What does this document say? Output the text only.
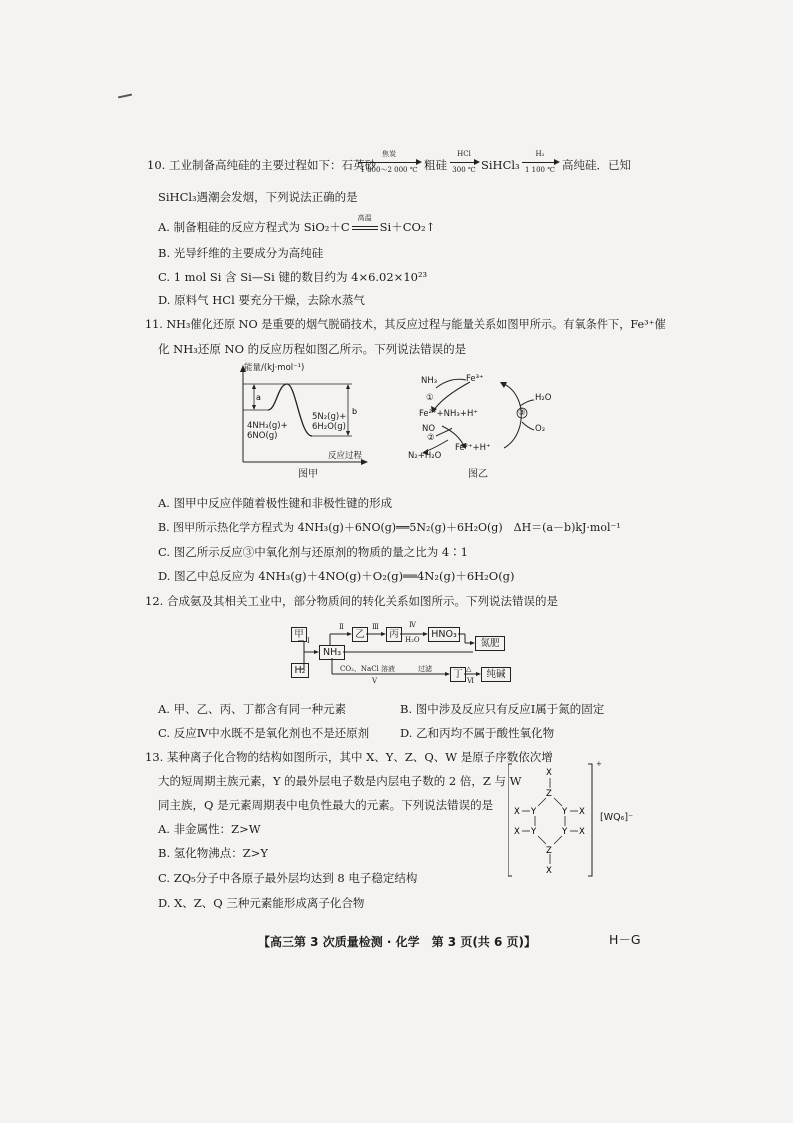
10. 工业制备高纯硅的主要过程如下：石英砂
焦炭
1 800～2 000 ℃ 粗硅
HCl
300 ℃ SiHCl₃
H₂
1 100 ℃ 高纯硅．已知
SiHCl₃遇潮会发烟，下列说法正确的是
A. 制备粗硅的反应方程式为 SiO₂＋C
高温
Si＋CO₂↑
B. 光导纤维的主要成分为高纯硅
C. 1 mol Si 含 Si—Si 键的数目约为 4×6.02×10²³
D. 原料气 HCl 要充分干燥，去除水蒸气
11. NH₃催化还原 NO 是重要的烟气脱硝技术，其反应过程与能量关系如图甲所示。有氧条件下，Fe³⁺催
化 NH₃还原 NO 的反应历程如图乙所示。下列说法错误的是
a
b
能量/(kJ·mol⁻¹)
4NH₃(g)+
6NO(g)
5N₂(g)+
6H₂O(g)
反应过程
图甲
NH₃	Fe³⁺
①
Fe²⁺+NH₃+H⁺
NO
②
Fe²⁺+H⁺
N₂+H₂O
③
H₂O
O₂
图乙
A. 图甲中反应伴随着极性键和非极性键的形成
B. 图甲所示热化学方程式为 4NH₃(g)＋6NO(g)══5N₂(g)＋6H₂O(g)　ΔH＝(a－b)kJ·mol⁻¹
C. 图乙所示反应③中氧化剂与还原剂的物质的量之比为 4∶1
D. 图乙中总反应为 4NH₃(g)＋4NO(g)＋O₂(g)══4N₂(g)＋6H₂O(g)
12. 合成氨及其相关工业中，部分物质间的转化关系如图所示。下列说法错误的是
甲
H₂
NH₃
乙	丙	HNO₃
氮肥
丁	纯碱
Ⅰ
Ⅱ	Ⅲ	Ⅳ
H₂O
CO₂、NaCl 溶液
Ⅴ
过滤	△
Ⅵ
A. 甲、乙、丙、丁都含有同一种元素	B. 图中涉及反应只有反应Ⅰ属于氮的固定
C. 反应Ⅳ中水既不是氧化剂也不是还原剂	D. 乙和丙均不属于酸性氧化物
13. 某种离子化合物的结构如图所示，其中 X、Y、Z、Q、W 是原子序数依次增
大的短周期主族元素，Y 的最外层电子数是内层电子数的 2 倍，Z 与 W
同主族，Q 是元素周期表中电负性最大的元素。下列说法错误的是
A. 非金属性：Z>W
B. 氢化物沸点：Z>Y
C. ZQ₅分子中各原子最外层均达到 8 电子稳定结构
D. X、Z、Q 三种元素能形成离子化合物
X
Z
Y	Y
Y	Y
X	X
X	X
Z
X
+
[WQ₆]⁻
【高三第 3 次质量检测 · 化学　第 3 页(共 6 页)】	H－G
